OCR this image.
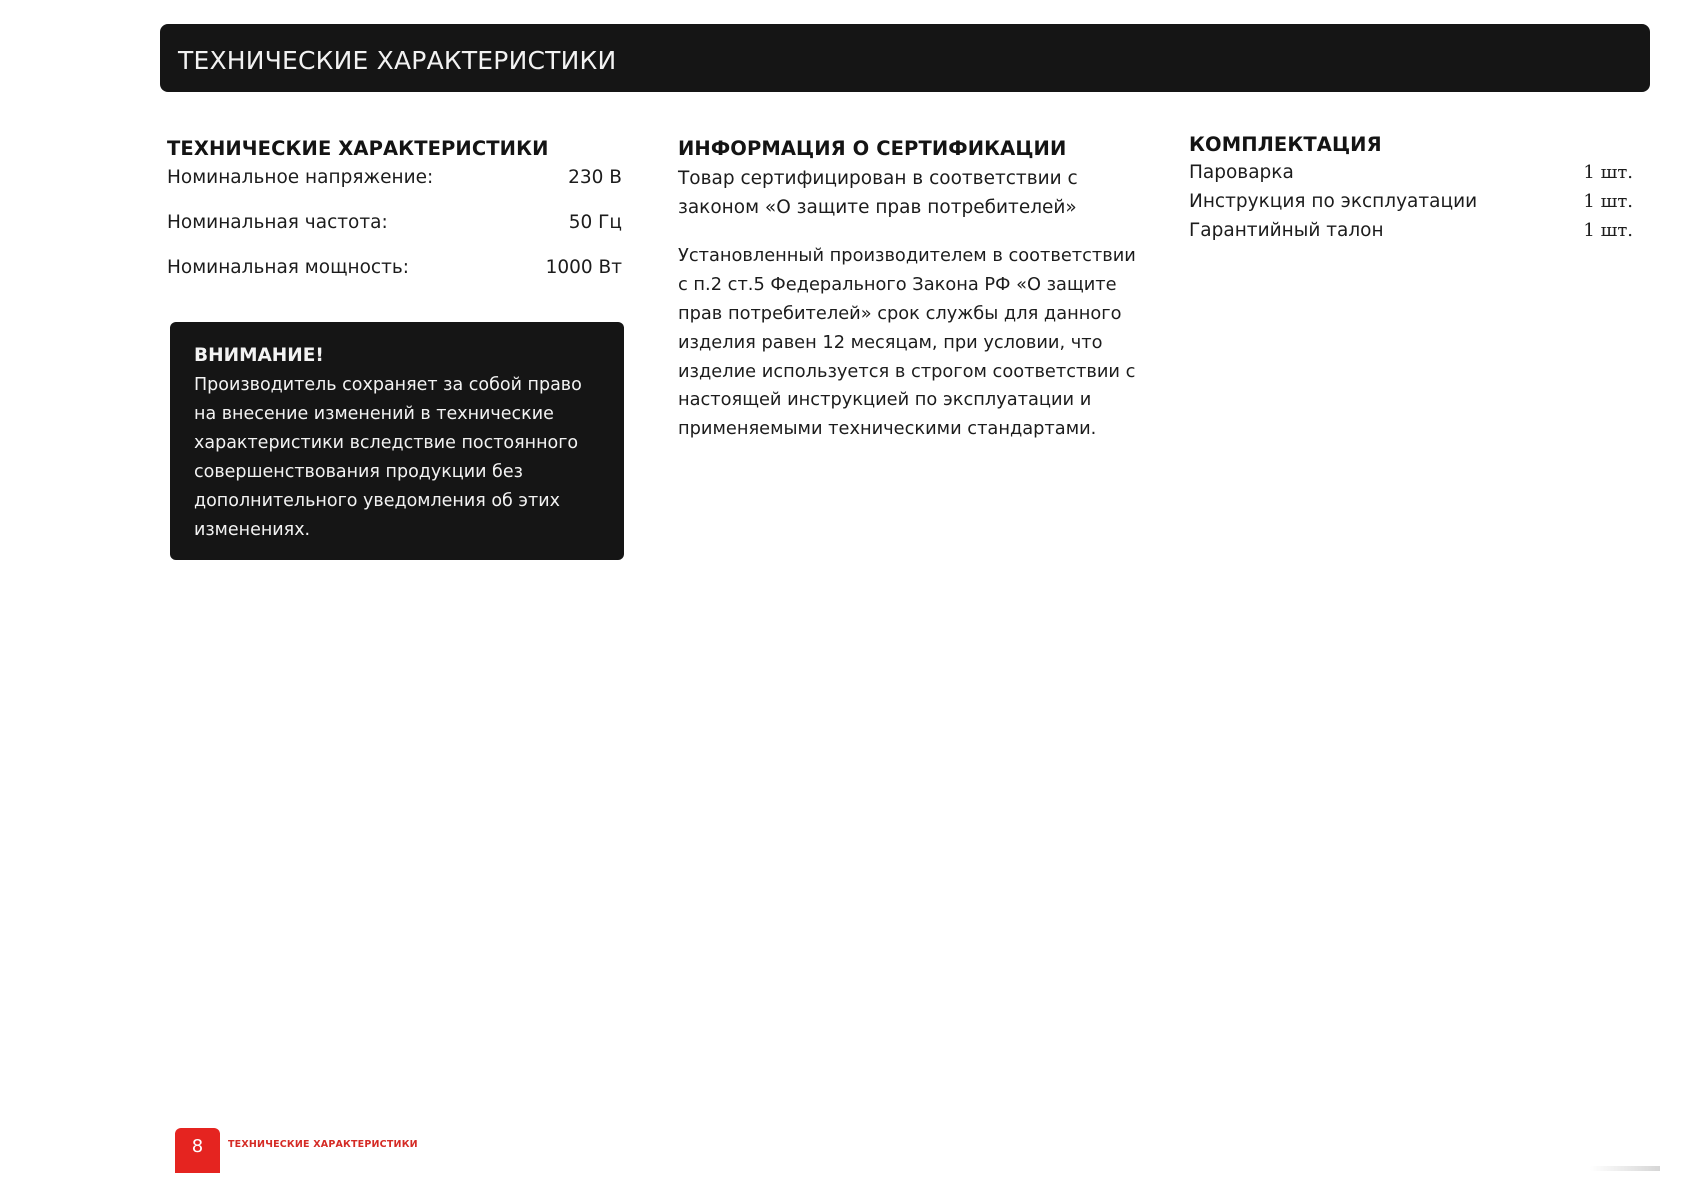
ТЕХНИЧЕСКИЕ ХАРАКТЕРИСТИКИ
ТЕХНИЧЕСКИЕ ХАРАКТЕРИСТИКИ
Номинальное напряжение:	230 В
Номинальная частота:	50 Гц
Номинальная мощность:	1000 Вт

ВНИМАНИЕ!

Производитель сохраняет за собой право на внесение изменений в технические характеристики вследствие постоянного совершенствования продукции без дополнительного уведомления об этих изменениях.

ИНФОРМАЦИЯ О СЕРТИФИКАЦИИ

Товар сертифицирован в соответствии с законом «О защите прав потребителей»

Установленный производителем в соответствии с п.2 ст.5 Федерального Закона РФ «О защите прав потребителей» срок службы для данного изделия равен 12 месяцам, при условии, что изделие используется в строгом соответствии с настоящей инструкцией по эксплуатации и применяемыми техническими стандартами.

КОМПЛЕКТАЦИЯ
Пароварка	1 шт.
Инструкция по эксплуатации	1 шт.
Гарантийный талон	1 шт.
8	ТЕХНИЧЕСКИЕ ХАРАКТЕРИСТИКИ
